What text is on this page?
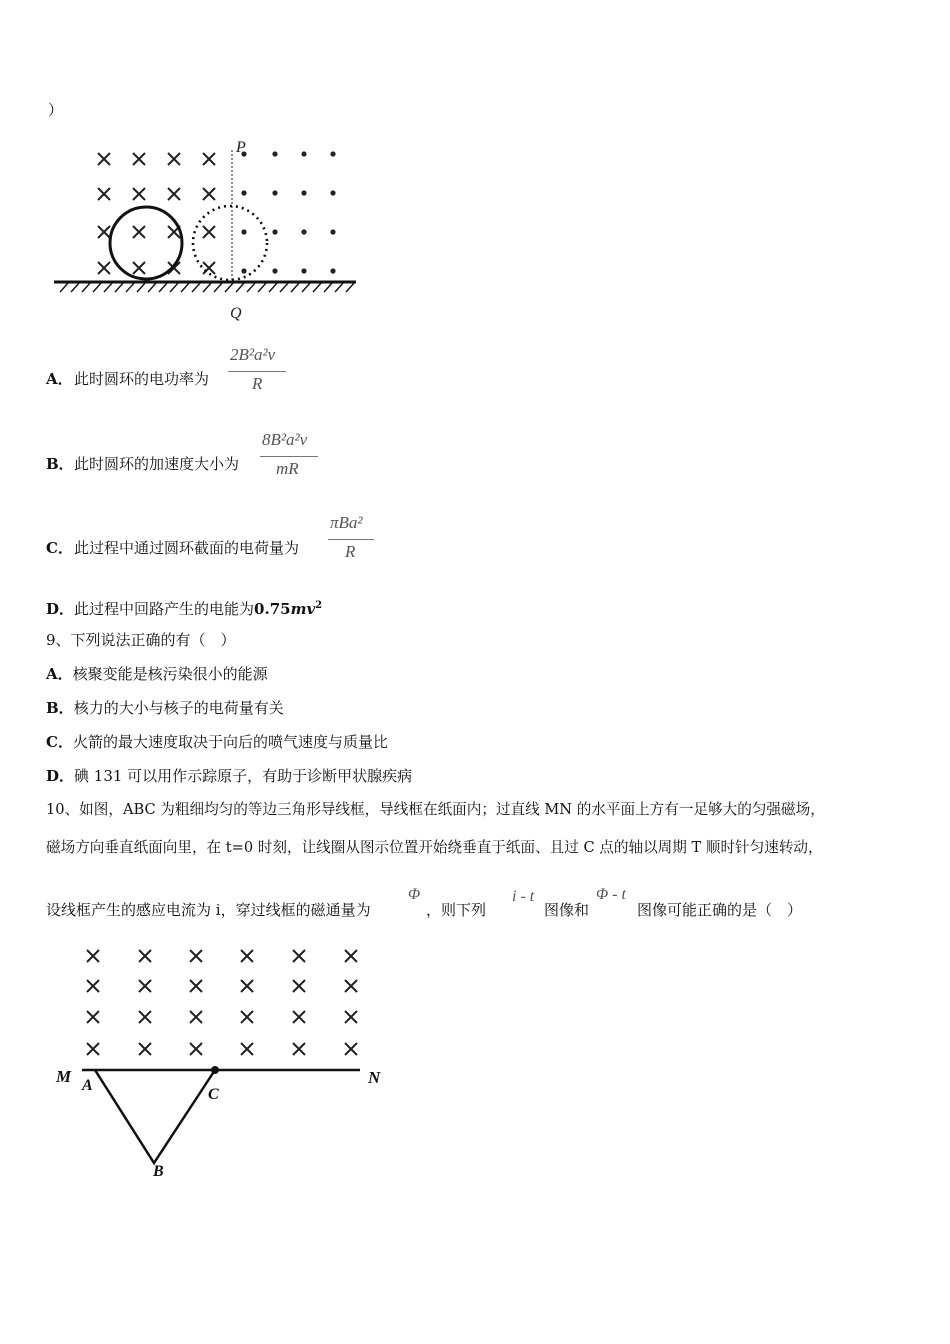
）
P
Q
A． 此时圆环的电功率为
2B²a²v
R
B． 此时圆环的加速度大小为
8B²a²v
mR
C． 此过程中通过圆环截面的电荷量为
πBa²
R
D．此过程中回路产生的电能为$0.75mv^2$
9、下列说法正确的有（　）
A．核聚变能是核污染很小的能源
B．核力的大小与核子的电荷量有关
C．火箭的最大速度取决于向后的喷气速度与质量比
D．碘 131 可以用作示踪原子，有助于诊断甲状腺疾病
10、如图，ABC 为粗细均匀的等边三角形导线框，导线框在纸面内；过直线 MN 的水平面上方有一足够大的匀强磁场，
磁场方向垂直纸面向里，在 t=0 时刻，让线圈从图示位置开始绕垂直于纸面、且过 C 点的轴以周期 T 顺时针匀速转动，
设线框产生的感应电流为 i，穿过线框的磁通量为
Φ
，则下列
i - t
图像和
Φ - t
图像可能正确的是（　）
M A
C
N
B
